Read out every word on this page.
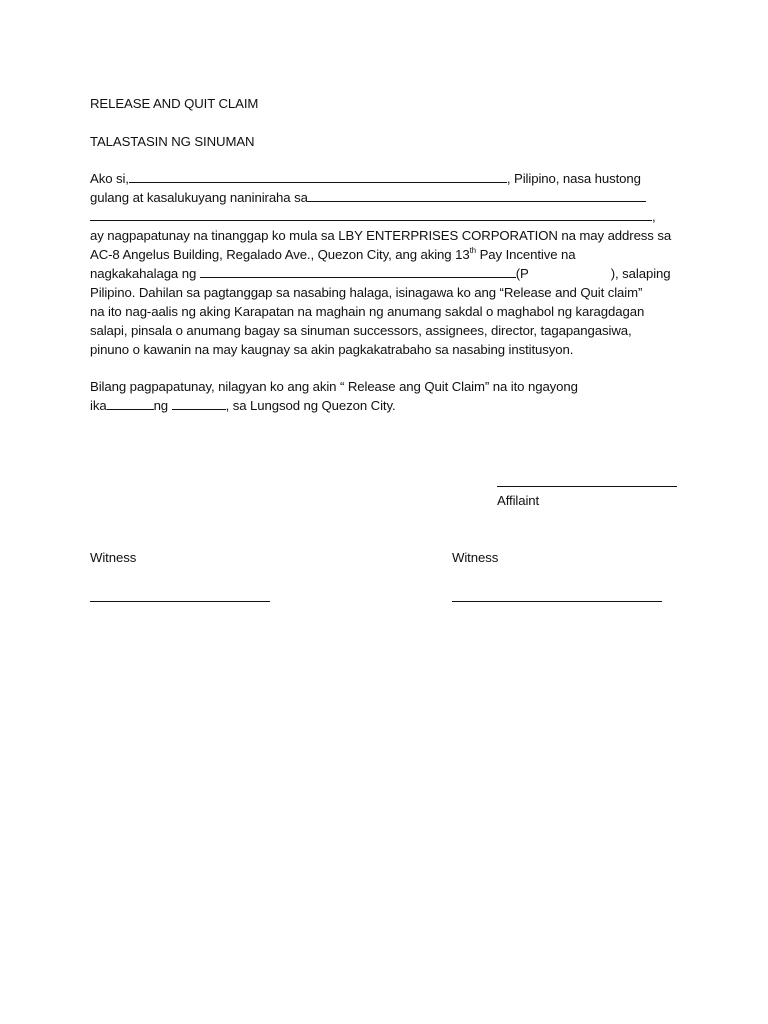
RELEASE AND QUIT CLAIM
TALASTASIN NG SINUMAN
Ako si,	, Pilipino, nasa hustong
gulang at kasalukuyang naniniraha sa
,
ay nagpapatunay na tinanggap ko mula sa LBY ENTERPRISES CORPORATION na may address sa
AC-8 Angelus Building, Regalado Ave., Quezon City, ang aking 13th Pay Incentive na
nagkakahalaga ng	(P	), salaping
Pilipino. Dahilan sa pagtanggap sa nasabing halaga, isinagawa ko ang “Release and Quit claim”
na ito nag-aalis ng aking Karapatan na maghain ng anumang sakdal o maghabol ng karagdagan
salapi, pinsala o anumang bagay sa sinuman successors, assignees, director, tagapangasiwa,
pinuno o kawanin na may kaugnay sa akin pagkakatrabaho sa nasabing institusyon.
Bilang pagpapatunay, nilagyan ko ang akin “ Release ang Quit Claim” na ito ngayong
ika	ng	, sa Lungsod ng Quezon City.
Affilaint
Witness	Witness
